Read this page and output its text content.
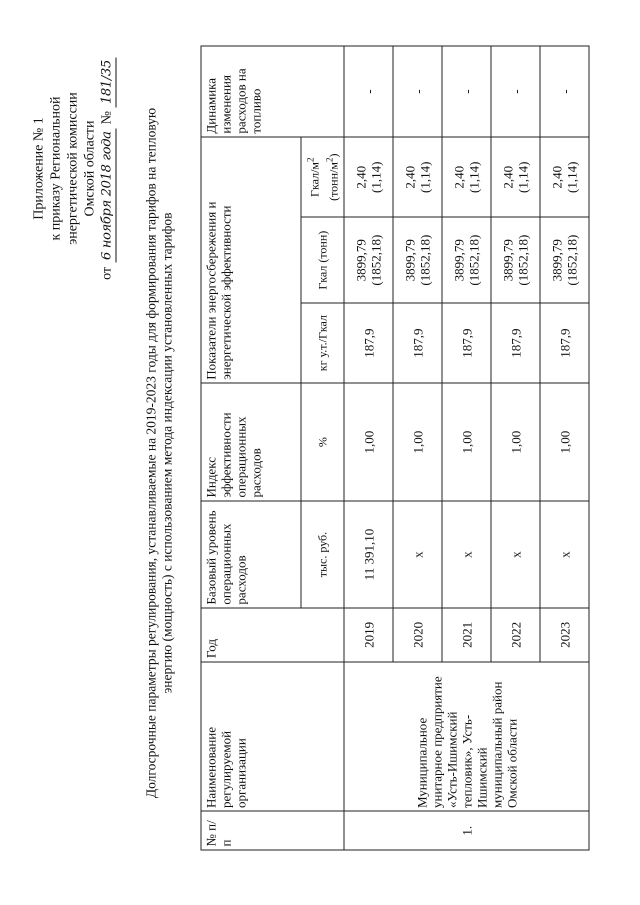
Приложение № 1 к приказу Региональной энергетической комиссии Омской области
от
6 ноября 2018 года
№
181/35
Долгосрочные параметры регулирования, устанавливаемые на 2019-2023 годы для формирования тарифов на тепловую энергию (мощность) с использованием метода индексации установленных тарифов
№ п/п	Наименование регулируемой организации	Год	Базовый уровень операционных расходов	Индекс эффективности операционных расходов	Показатели энергосбережения и энергетической эффективности			Динамика изменения расходов на топливо
			тыс. руб.	%	кг у.т./Гкал	Гкал (тонн)	Гкал/$м^2$
$(тонн/м^2)$	
1.	Муниципальное унитарное предприятие «Усть-Ишимский тепловик», Усть-Ишимский муниципальный район Омской области	2019	11 391,10	1,00	187,9	3899,79
(1852,18)	2,40
(1,14)	-
		2020	x	1,00	187,9	3899,79
(1852,18)	2,40
(1,14)	-
		2021	x	1,00	187,9	3899,79
(1852,18)	2,40
(1,14)	-
		2022	x	1,00	187,9	3899,79
(1852,18)	2,40
(1,14)	-
		2023	x	1,00	187,9	3899,79
(1852,18)	2,40
(1,14)	-
